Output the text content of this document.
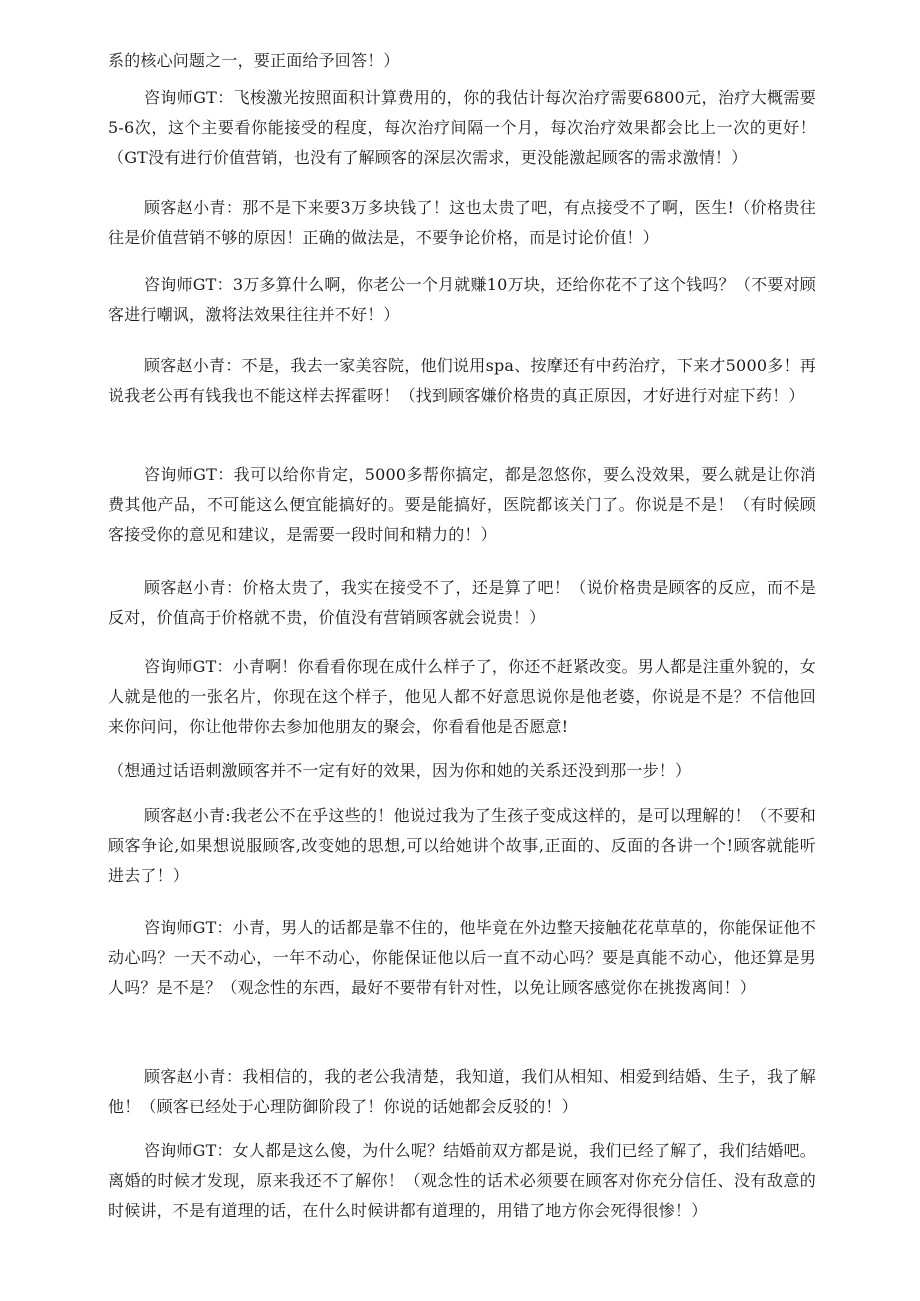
系的核心问题之一，要正面给予回答！）

咨询师GT：飞梭激光按照面积计算费用的，你的我估计每次治疗需要6800元，治疗大概需要5-6次，这个主要看你能接受的程度，每次治疗间隔一个月，每次治疗效果都会比上一次的更好！（GT没有进行价值营销，也没有了解顾客的深层次需求，更没能激起顾客的需求激情！）

顾客赵小青：那不是下来要3万多块钱了！这也太贵了吧，有点接受不了啊，医生!（价格贵往往是价值营销不够的原因！正确的做法是，不要争论价格，而是讨论价值！）

咨询师GT：3万多算什么啊，你老公一个月就赚10万块，还给你花不了这个钱吗？（不要对顾客进行嘲讽，激将法效果往往并不好！）

顾客赵小青：不是，我去一家美容院，他们说用spa、按摩还有中药治疗，下来才5000多！再说我老公再有钱我也不能这样去挥霍呀！（找到顾客嫌价格贵的真正原因，才好进行对症下药！）

咨询师GT：我可以给你肯定，5000多帮你搞定，都是忽悠你，要么没效果，要么就是让你消费其他产品，不可能这么便宜能搞好的。要是能搞好，医院都该关门了。你说是不是！（有时候顾客接受你的意见和建议，是需要一段时间和精力的！）

顾客赵小青：价格太贵了，我实在接受不了，还是算了吧！（说价格贵是顾客的反应，而不是反对，价值高于价格就不贵，价值没有营销顾客就会说贵！）

咨询师GT：小青啊！你看看你现在成什么样子了，你还不赶紧改变。男人都是注重外貌的，女人就是他的一张名片，你现在这个样子，他见人都不好意思说你是他老婆，你说是不是？不信他回来你问问，你让他带你去参加他朋友的聚会，你看看他是否愿意!

（想通过话语刺激顾客并不一定有好的效果，因为你和她的关系还没到那一步！）

顾客赵小青:我老公不在乎这些的！他说过我为了生孩子变成这样的，是可以理解的！（不要和顾客争论,如果想说服顾客,改变她的思想,可以给她讲个故事,正面的、反面的各讲一个!顾客就能听进去了！）

咨询师GT：小青，男人的话都是靠不住的，他毕竟在外边整天接触花花草草的，你能保证他不动心吗？一天不动心，一年不动心，你能保证他以后一直不动心吗？要是真能不动心，他还算是男人吗？是不是？（观念性的东西，最好不要带有针对性，以免让顾客感觉你在挑拨离间！）

顾客赵小青：我相信的，我的老公我清楚，我知道，我们从相知、相爱到结婚、生子，我了解他！（顾客已经处于心理防御阶段了！你说的话她都会反驳的！）

咨询师GT：女人都是这么傻，为什么呢？结婚前双方都是说，我们已经了解了，我们结婚吧。离婚的时候才发现，原来我还不了解你！（观念性的话术必须要在顾客对你充分信任、没有敌意的时候讲，不是有道理的话，在什么时候讲都有道理的，用错了地方你会死得很惨！）
